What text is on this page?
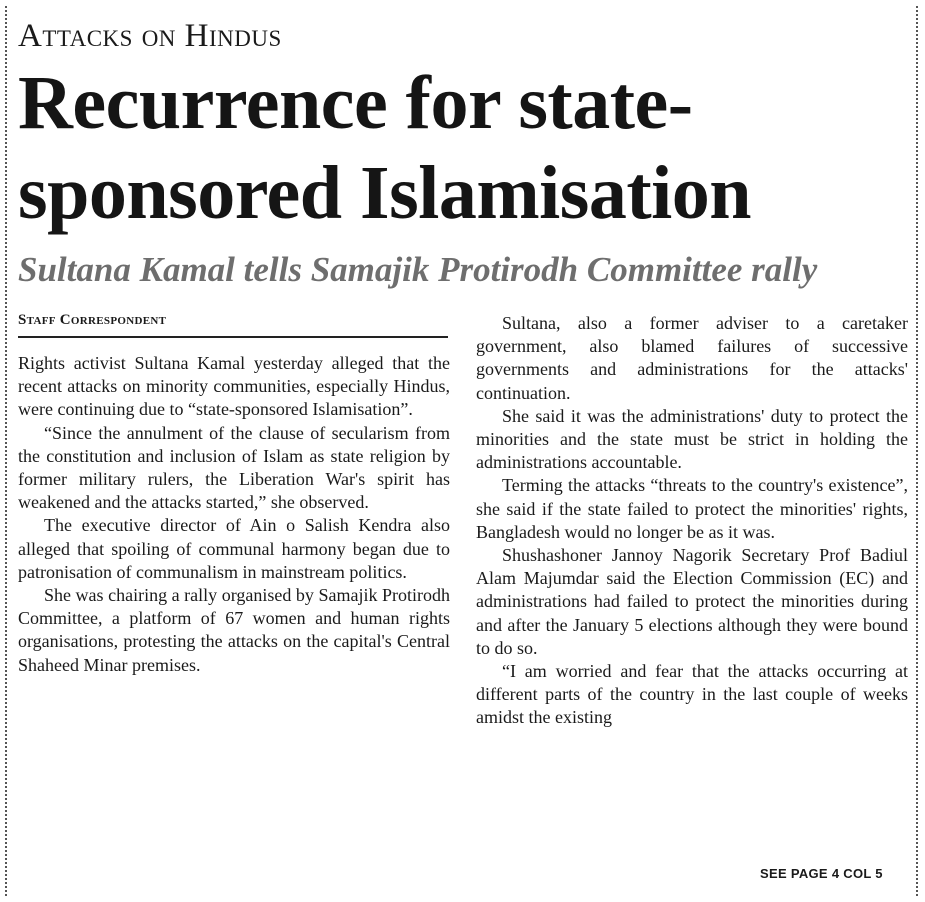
Attacks on Hindus
Recurrence for state-sponsored Islamisation
Sultana Kamal tells Samajik Protirodh Committee rally
Staff Correspondent

Rights activist Sultana Kamal yesterday alleged that the recent attacks on minority communities, especially Hindus, were continuing due to “state-sponsored Islamisation”.

“Since the annulment of the clause of secularism from the constitution and inclusion of Islam as state religion by former military rulers, the Liberation War's spirit has weakened and the attacks started,” she observed.

The executive director of Ain o Salish Kendra also alleged that spoiling of communal harmony began due to patronisation of communalism in mainstream politics.

She was chairing a rally organised by Samajik Protirodh Committee, a platform of 67 women and human rights organisations, protesting the attacks on the capital's Central Shaheed Minar premises.

Sultana, also a former adviser to a caretaker government, also blamed failures of successive governments and administrations for the attacks' continuation.

She said it was the administrations' duty to protect the minorities and the state must be strict in holding the administrations accountable.

Terming the attacks “threats to the country's existence”, she said if the state failed to protect the minorities' rights, Bangladesh would no longer be as it was.

Shushashoner Jannoy Nagorik Secretary Prof Badiul Alam Majumdar said the Election Commission (EC) and administrations had failed to protect the minorities during and after the January 5 elections although they were bound to do so.

“I am worried and fear that the attacks occurring at different parts of the country in the last couple of weeks amidst the existing

SEE PAGE 4 COL 5
